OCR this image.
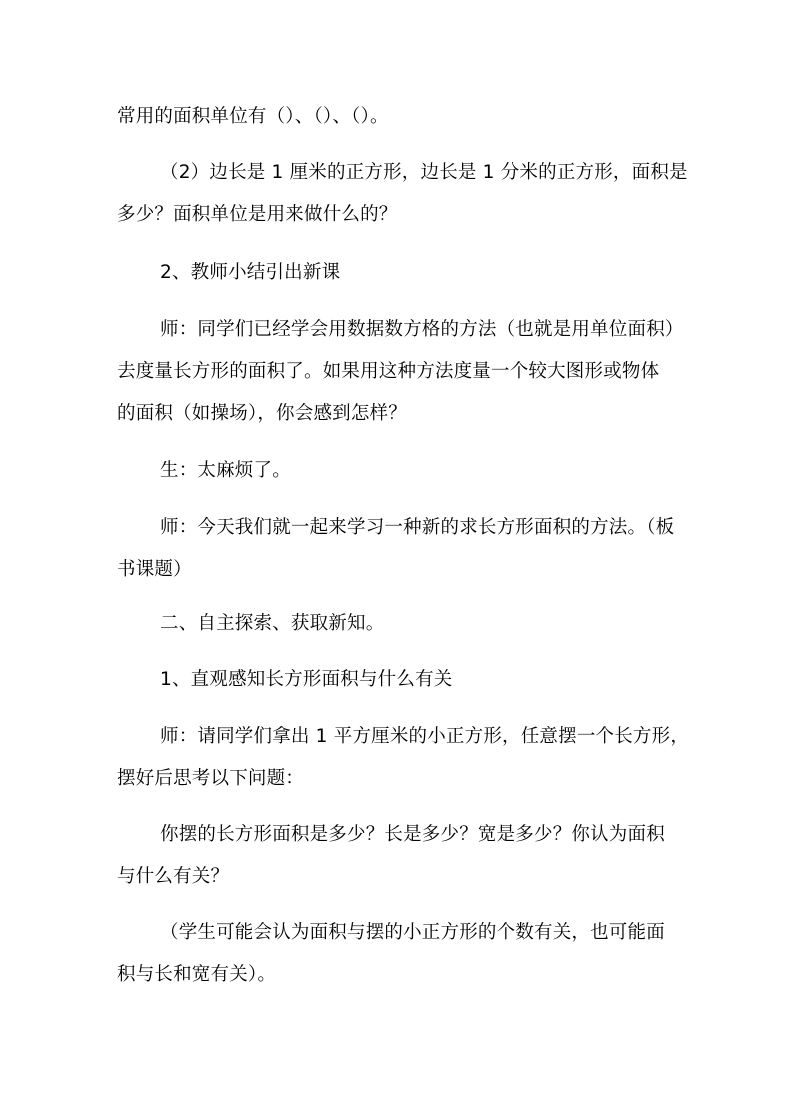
常用的面积单位有（）、（）、（）。
（2）边长是 1 厘米的正方形，边长是 1 分米的正方形，面积是
多少？面积单位是用来做什么的？
2、教师小结引出新课
师：同学们已经学会用数据数方格的方法（也就是用单位面积）
去度量长方形的面积了。如果用这种方法度量一个较大图形或物体
的面积（如操场），你会感到怎样？
生：太麻烦了。
师：今天我们就一起来学习一种新的求长方形面积的方法。（板
书课题）
二、自主探索、获取新知。
1、直观感知长方形面积与什么有关
师：请同学们拿出 1 平方厘米的小正方形，任意摆一个长方形，
摆好后思考以下问题：
你摆的长方形面积是多少？长是多少？宽是多少？你认为面积
与什么有关？
（学生可能会认为面积与摆的小正方形的个数有关，也可能面
积与长和宽有关）。
